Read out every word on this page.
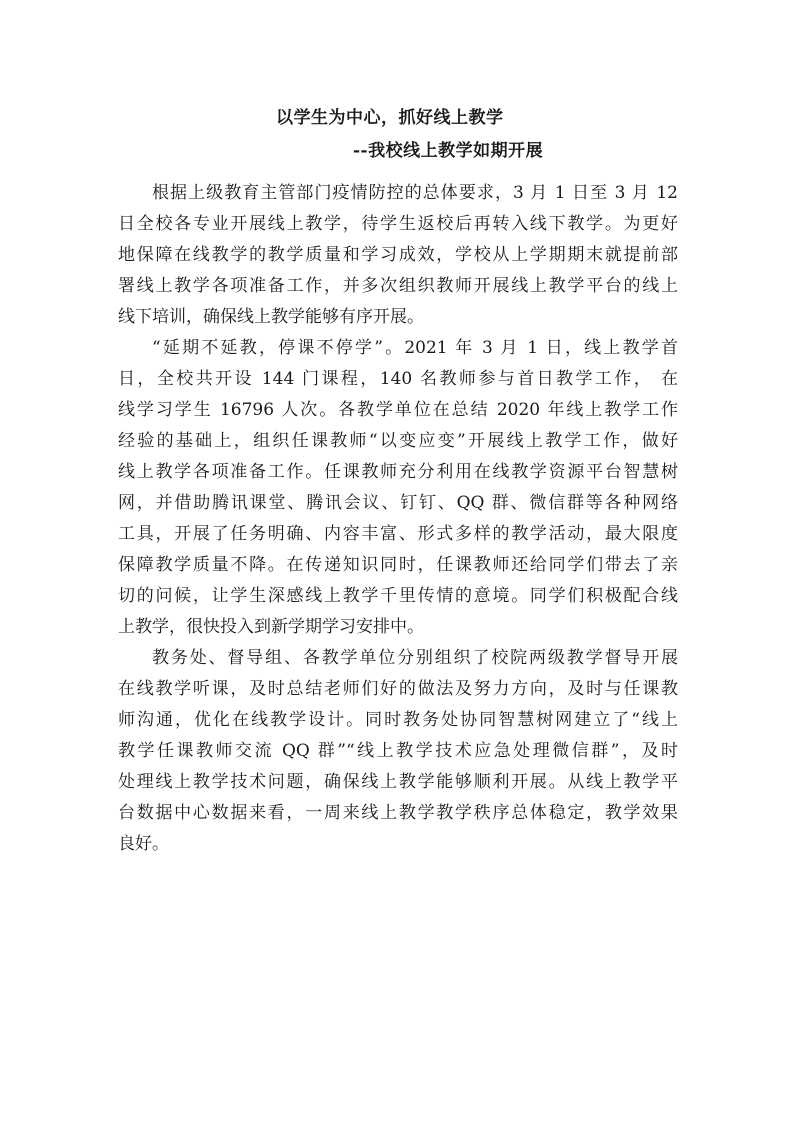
以学生为中心，抓好线上教学
--我校线上教学如期开展
根据上级教育主管部门疫情防控的总体要求，3 月 1 日至 3 月 12
日全校各专业开展线上教学，待学生返校后再转入线下教学。为更好
地保障在线教学的教学质量和学习成效，学校从上学期期末就提前部
署线上教学各项准备工作，并多次组织教师开展线上教学平台的线上
线下培训，确保线上教学能够有序开展。
“延期不延教，停课不停学”。2021 年 3 月 1 日，线上教学首
日，全校共开设 144 门课程，140 名教师参与首日教学工作， 在
线学习学生 16796 人次。各教学单位在总结 2020 年线上教学工作
经验的基础上，组织任课教师“以变应变”开展线上教学工作，做好
线上教学各项准备工作。任课教师充分利用在线教学资源平台智慧树
网，并借助腾讯课堂、腾讯会议、钉钉、QQ 群、微信群等各种网络
工具，开展了任务明确、内容丰富、形式多样的教学活动，最大限度
保障教学质量不降。在传递知识同时，任课教师还给同学们带去了亲
切的问候，让学生深感线上教学千里传情的意境。同学们积极配合线
上教学，很快投入到新学期学习安排中。
教务处、督导组、各教学单位分别组织了校院两级教学督导开展
在线教学听课，及时总结老师们好的做法及努力方向，及时与任课教
师沟通，优化在线教学设计。同时教务处协同智慧树网建立了“线上
教学任课教师交流 QQ 群”“线上教学技术应急处理微信群”，及时
处理线上教学技术问题，确保线上教学能够顺利开展。从线上教学平
台数据中心数据来看，一周来线上教学教学秩序总体稳定，教学效果
良好。
